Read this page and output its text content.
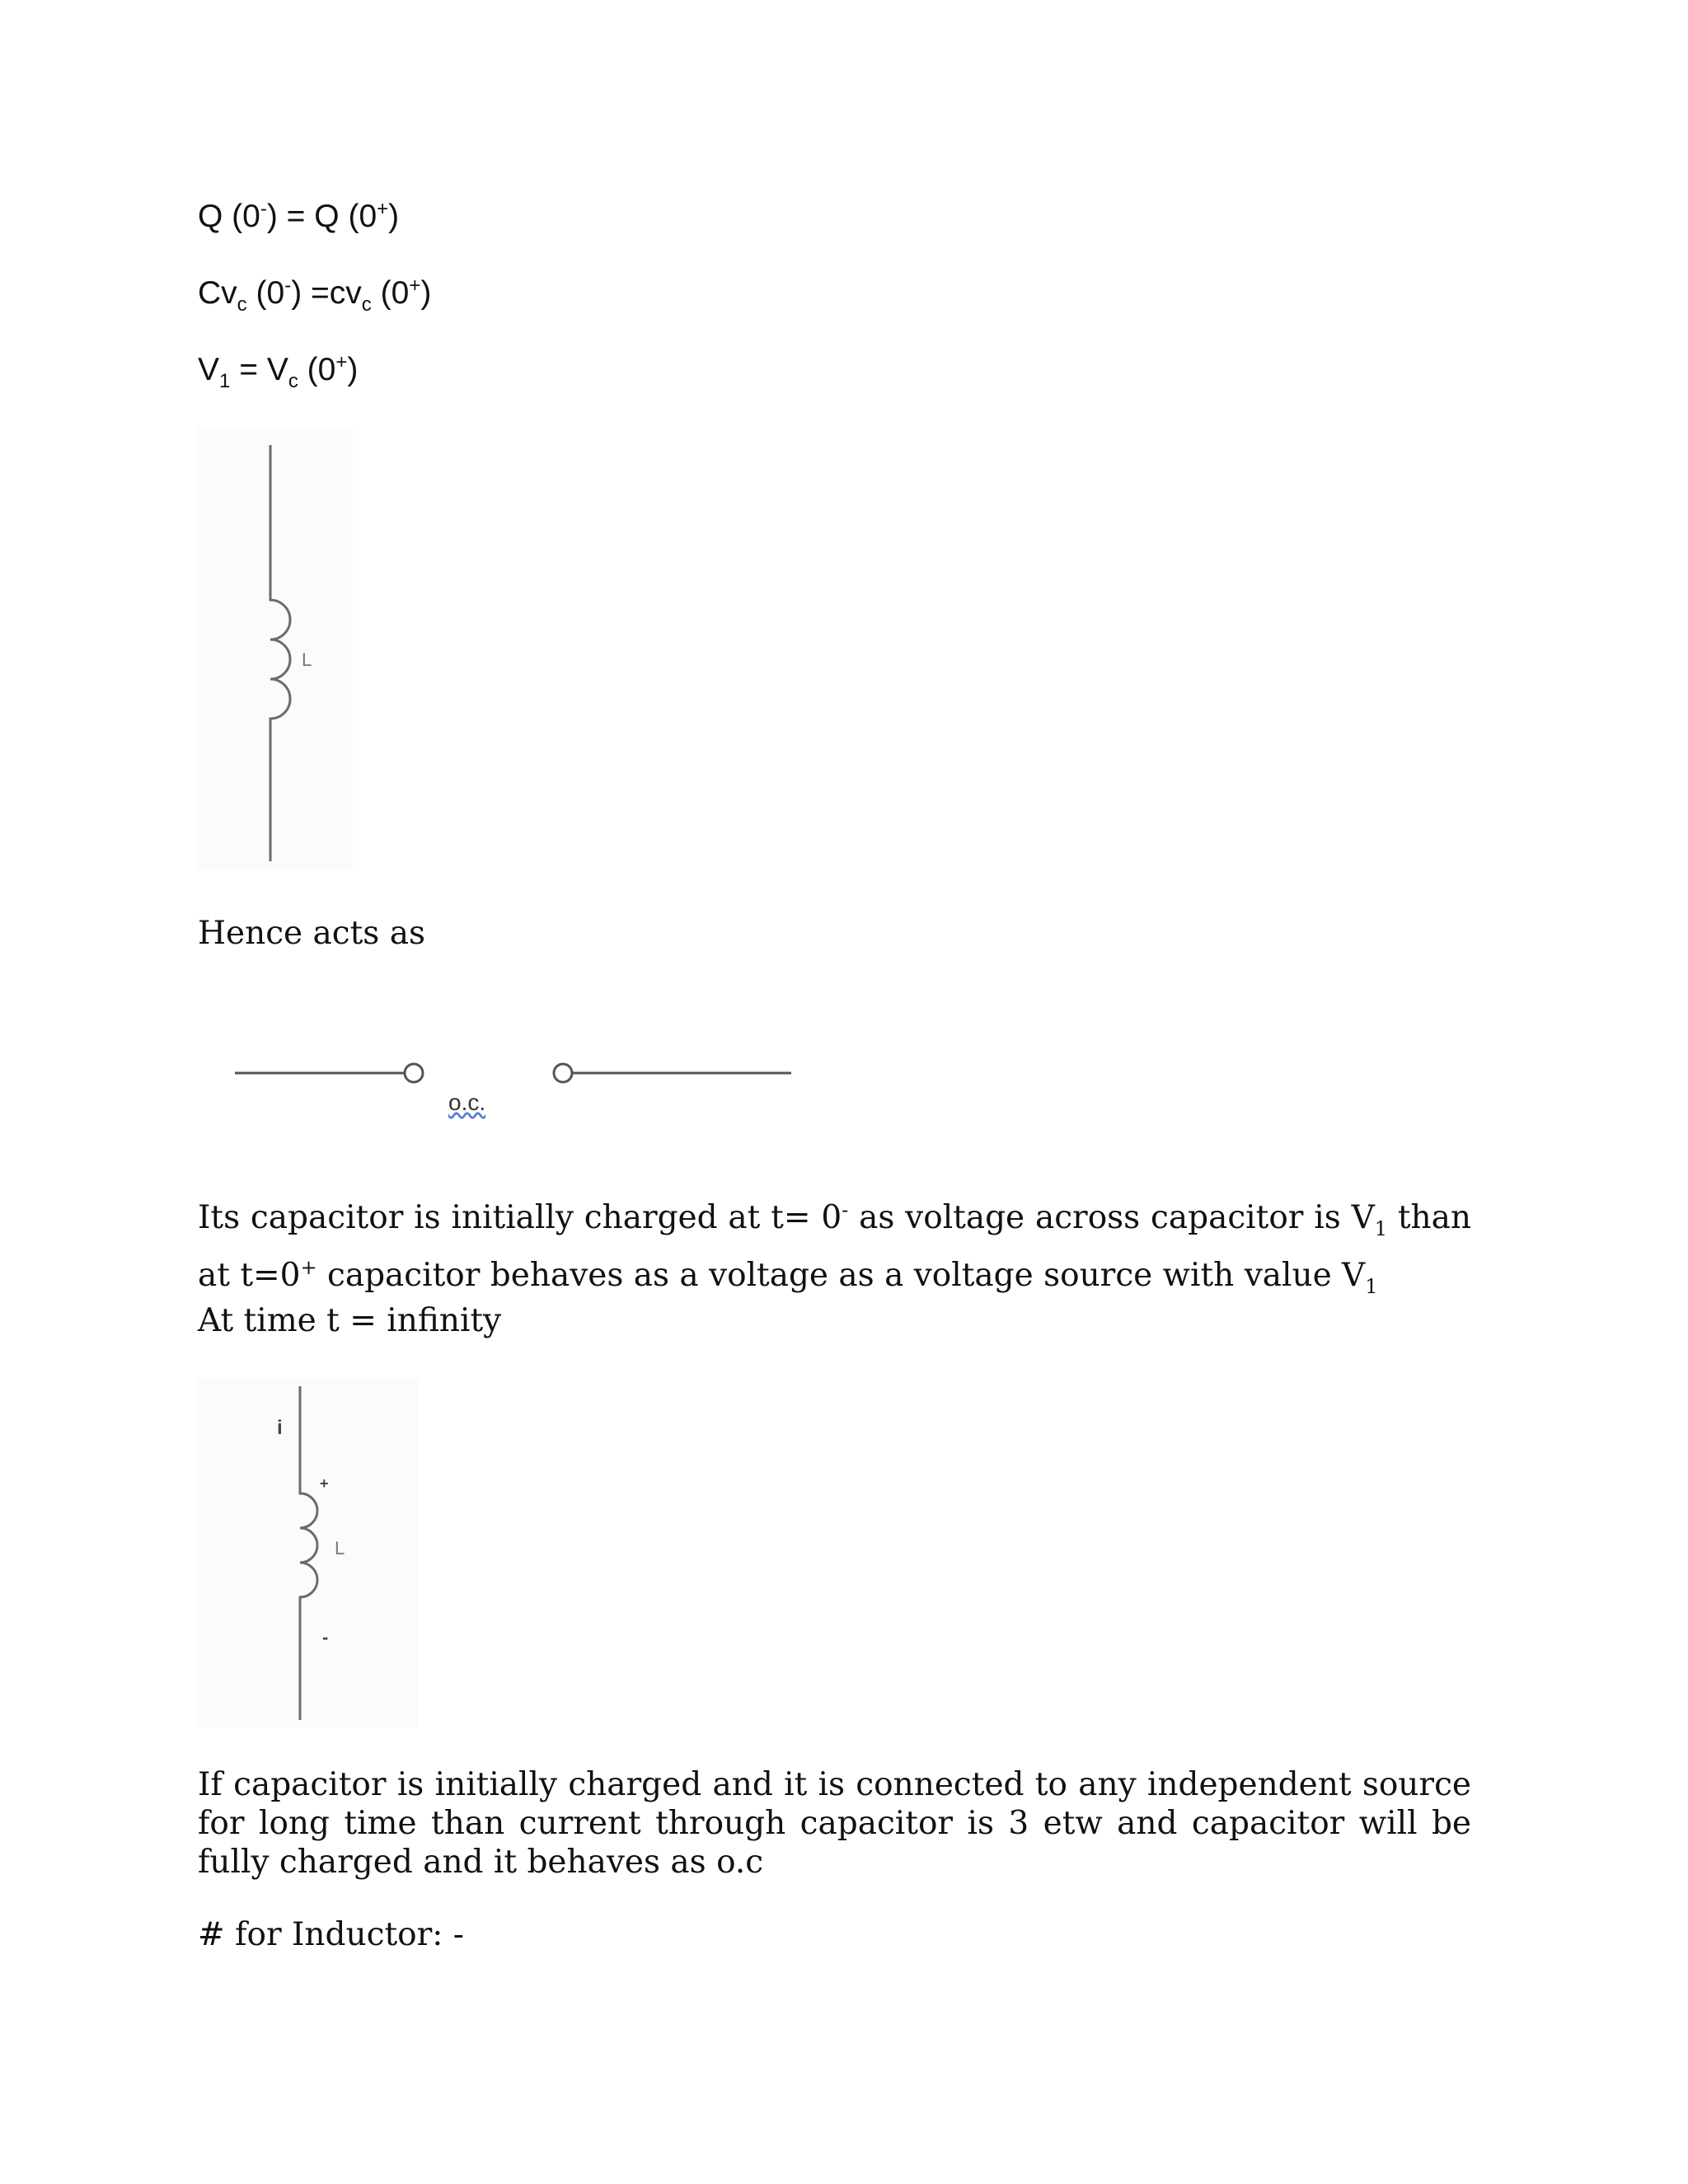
Q (0-) = Q (0+)
$Cv_c$ $(0^-) =cv_c$ (0+)
$V_1 = V_c$ (0+)
L
Hence acts as
o.c.
Its capacitor is initially charged at t= 0- as voltage across capacitor is $V_1$ than at t=0+ capacitor behaves as a voltage as a voltage source with value $V_1$
At time t = infinity
i
+
L
-
If capacitor is initially charged and it is connected to any independent source for long time than current through capacitor is 3 etw and capacitor will be fully charged and it behaves as o.c
# for Inductor: -
